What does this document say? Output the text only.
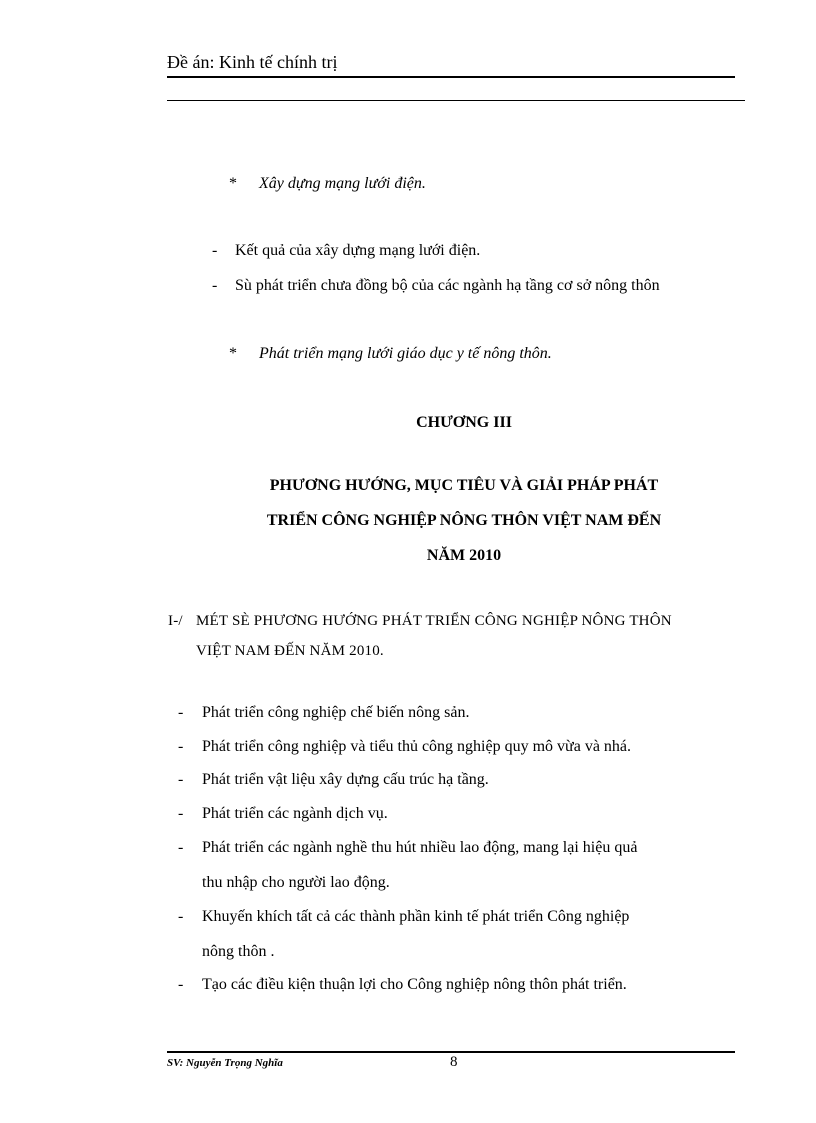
Đề án: Kinh tế chính trị
* Xây dựng mạng lưới điện.
- Kết quả của xây dựng mạng lưới điện.
- Sù phát triển chưa đồng bộ của các ngành hạ tầng cơ sở nông thôn
* Phát triển mạng lưới giáo dục y tế nông thôn.
CHƯƠNG III
PHƯƠNG HƯỚNG, MỤC TIÊU VÀ GIẢI PHÁP PHÁT
TRIỂN CÔNG NGHIỆP NÔNG THÔN VIỆT NAM ĐẾN
NĂM 2010
I-/ MÉT SÈ PHƯƠNG HƯỚNG PHÁT TRIỂN CÔNG NGHIỆP NÔNG THÔN
VIỆT NAM ĐẾN NĂM 2010.
- Phát triển công nghiệp chế biến nông sản.
- Phát triển công nghiệp và tiểu thủ công nghiệp quy mô vừa và nhá.
- Phát triển vật liệu xây dựng cấu trúc hạ tầng.
- Phát triển các ngành dịch vụ.
- Phát triển các ngành nghề thu hút nhiều lao động, mang lại hiệu quả
thu nhập cho người lao động.
- Khuyến khích tất cả các thành phần kinh tế phát triển Công nghiệp
nông thôn .
- Tạo các điều kiện thuận lợi cho Công nghiệp nông thôn phát triển.
SV: Nguyễn Trọng Nghĩa	8
